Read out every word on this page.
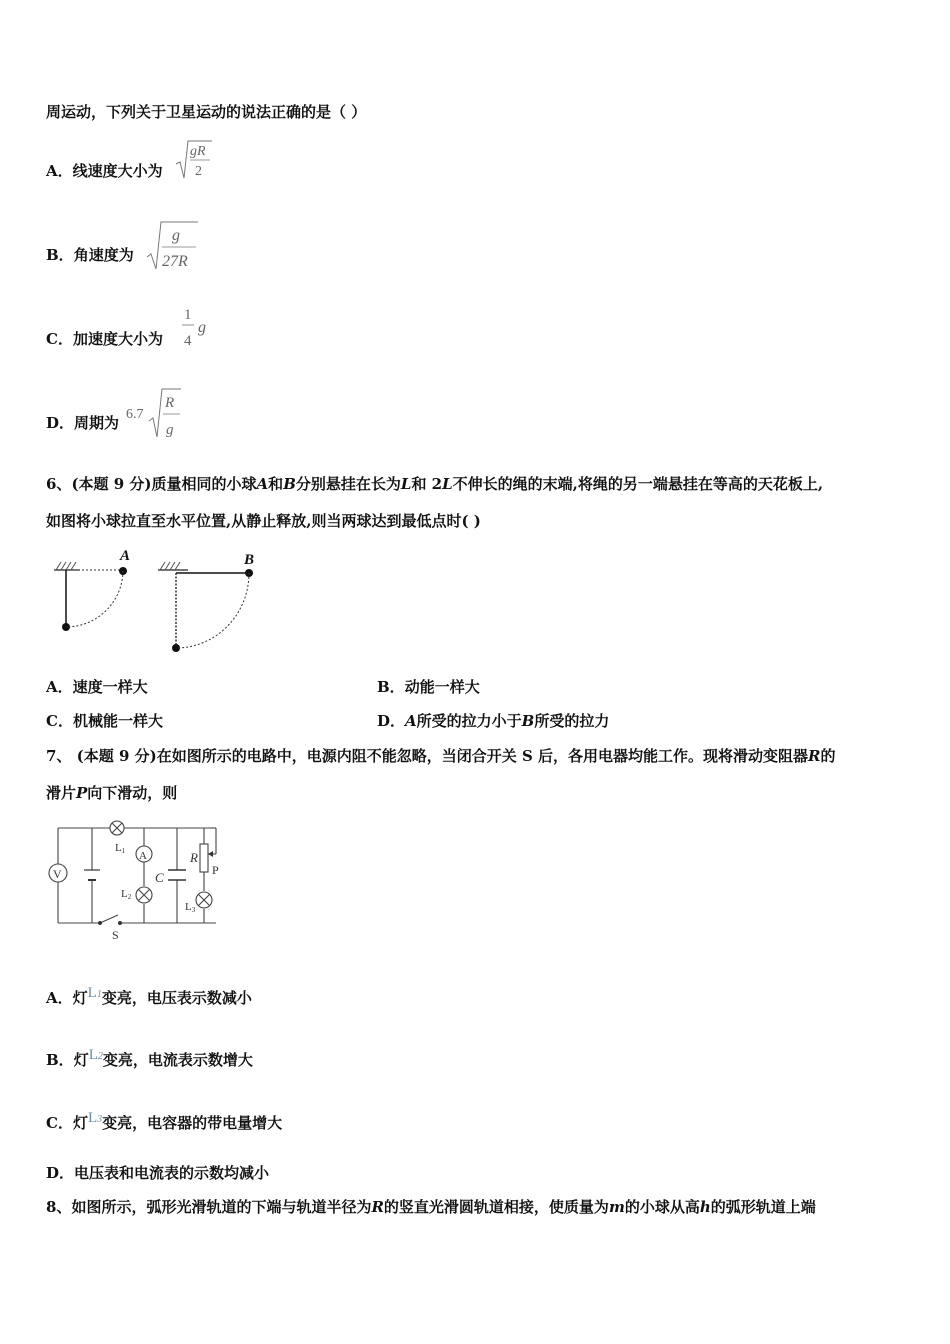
周运动，下列关于卫星运动的说法正确的是（ ）
A．线速度大小为
gR
2
B．角速度为
g
27R
C．加速度大小为
1
4
g
D．周期为 6.7
R
g
6、(本题 9 分)质量相同的小球A和B分别悬挂在长为L和 2L不伸长的绳的末端,将绳的另一端悬挂在等高的天花板上,
如图将小球拉直至水平位置,从静止释放,则当两球达到最低点时( )
A	B
A．速度一样大	B．动能一样大
C．机械能一样大	D．A所受的拉力小于B所受的拉力
7、 (本题 9 分)在如图所示的电路中，电源内阻不能忽略，当闭合开关 S 后，各用电器均能工作。现将滑动变阻器R的
滑片P向下滑动，则
V
A
L1
L2
L3
C
R
P
S
A．灯L1变亮，电压表示数减小
B．灯L2变亮，电流表示数增大
C．灯L3变亮，电容器的带电量增大
D．电压表和电流表的示数均减小
8、如图所示，弧形光滑轨道的下端与轨道半径为R的竖直光滑圆轨道相接，使质量为m的小球从高h的弧形轨道上端
